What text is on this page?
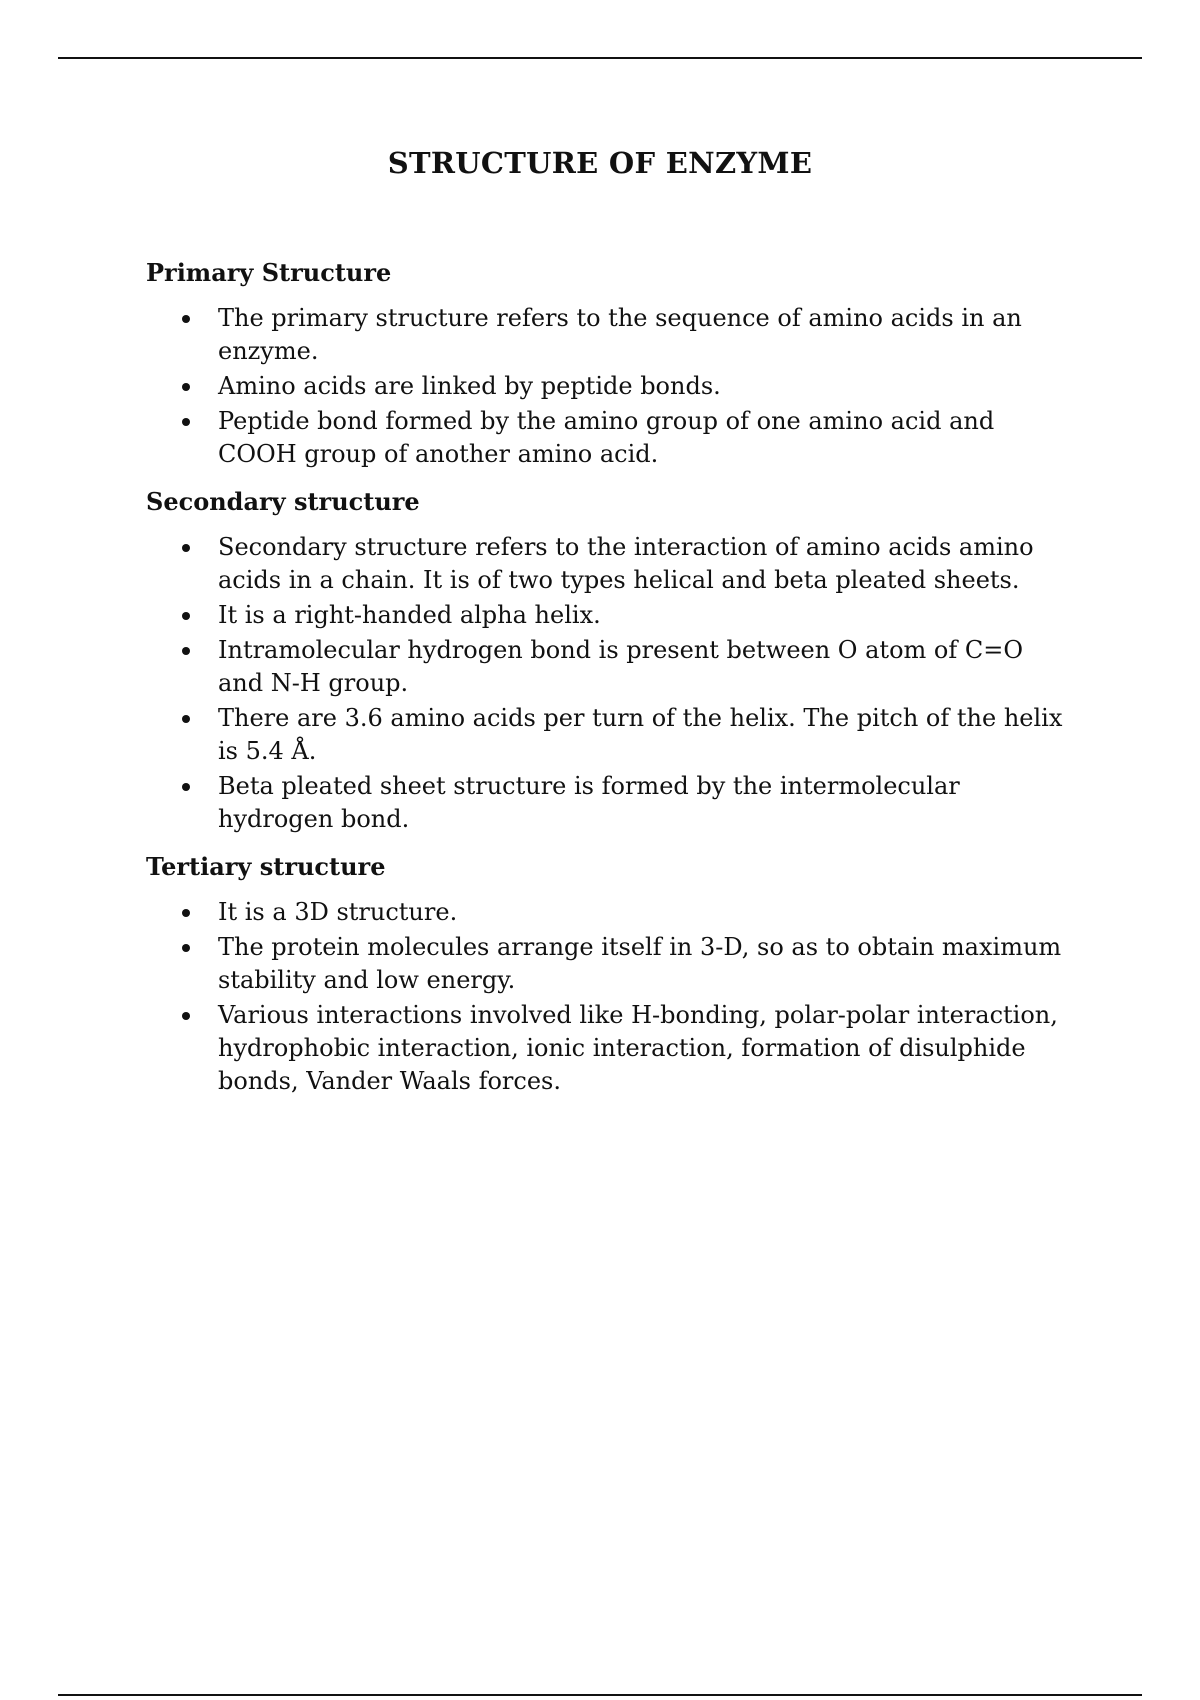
STRUCTURE OF ENZYME
Primary Structure
The primary structure refers to the sequence of amino acids in an enzyme.
Amino acids are linked by peptide bonds.
Peptide bond formed by the amino group of one amino acid and COOH group of another amino acid.
Secondary structure
Secondary structure refers to the interaction of amino acids amino acids in a chain. It is of two types helical and beta pleated sheets.
It is a right-handed alpha helix.
Intramolecular hydrogen bond is present between O atom of C=O and N-H group.
There are 3.6 amino acids per turn of the helix. The pitch of the helix is 5.4 Å.
Beta pleated sheet structure is formed by the intermolecular hydrogen bond.
Tertiary structure
It is a 3D structure.
The protein molecules arrange itself in 3-D, so as to obtain maximum stability and low energy.
Various interactions involved like H-bonding, polar-polar interaction, hydrophobic interaction, ionic interaction, formation of disulphide bonds, Vander Waals forces.
